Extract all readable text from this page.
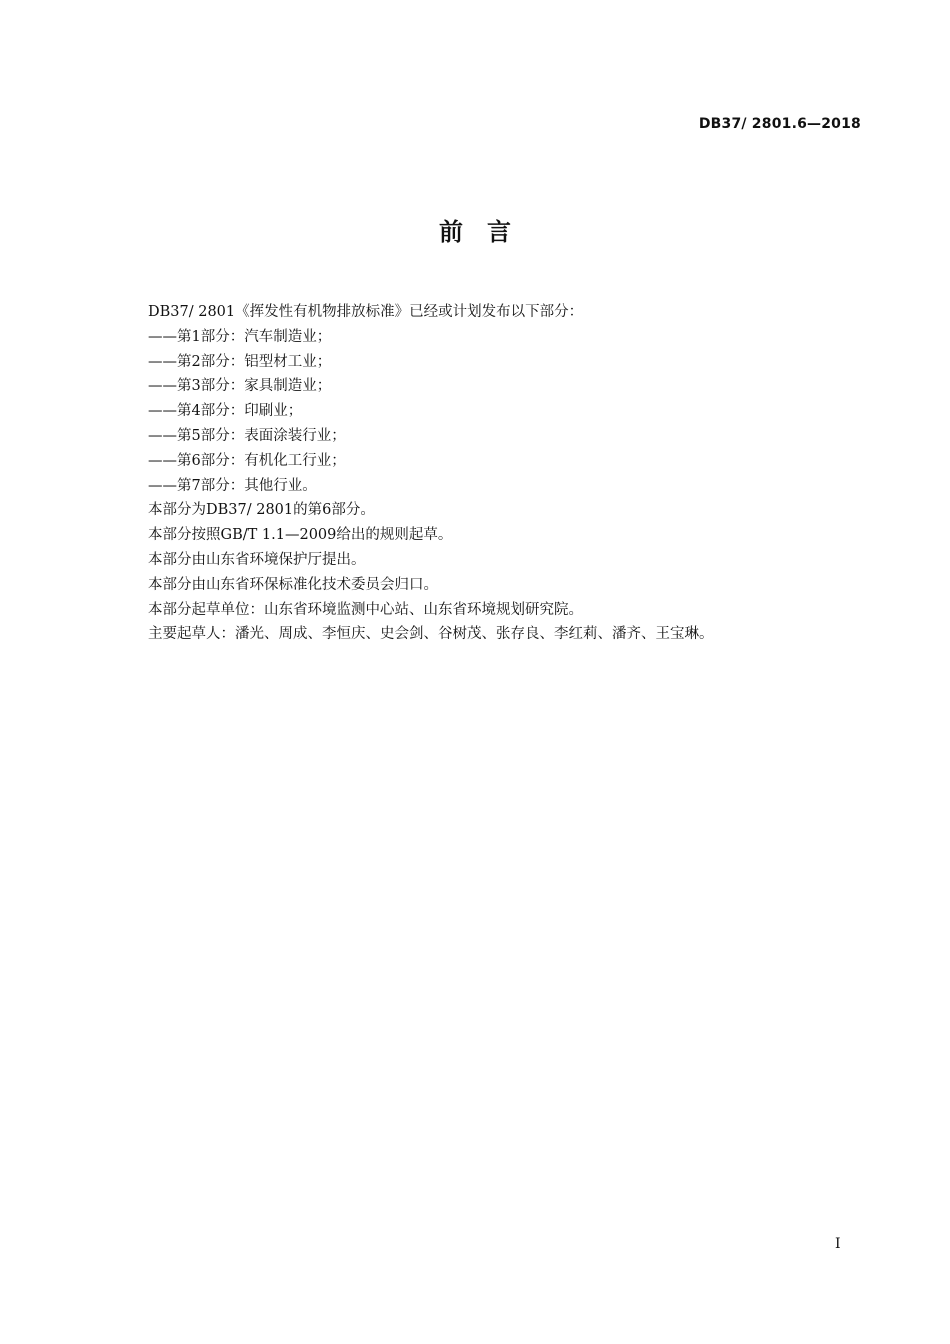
DB37/ 2801.6—2018
前　言
DB37/ 2801《挥发性有机物排放标准》已经或计划发布以下部分：
——第1部分：汽车制造业；
——第2部分：铝型材工业；
——第3部分：家具制造业；
——第4部分：印刷业；
——第5部分：表面涂装行业；
——第6部分：有机化工行业；
——第7部分：其他行业。
本部分为DB37/ 2801的第6部分。
本部分按照GB/T 1.1—2009给出的规则起草。
本部分由山东省环境保护厅提出。
本部分由山东省环保标准化技术委员会归口。
本部分起草单位：山东省环境监测中心站、山东省环境规划研究院。
主要起草人：潘光、周成、李恒庆、史会剑、谷树茂、张存良、李红莉、潘齐、王宝琳。
I
